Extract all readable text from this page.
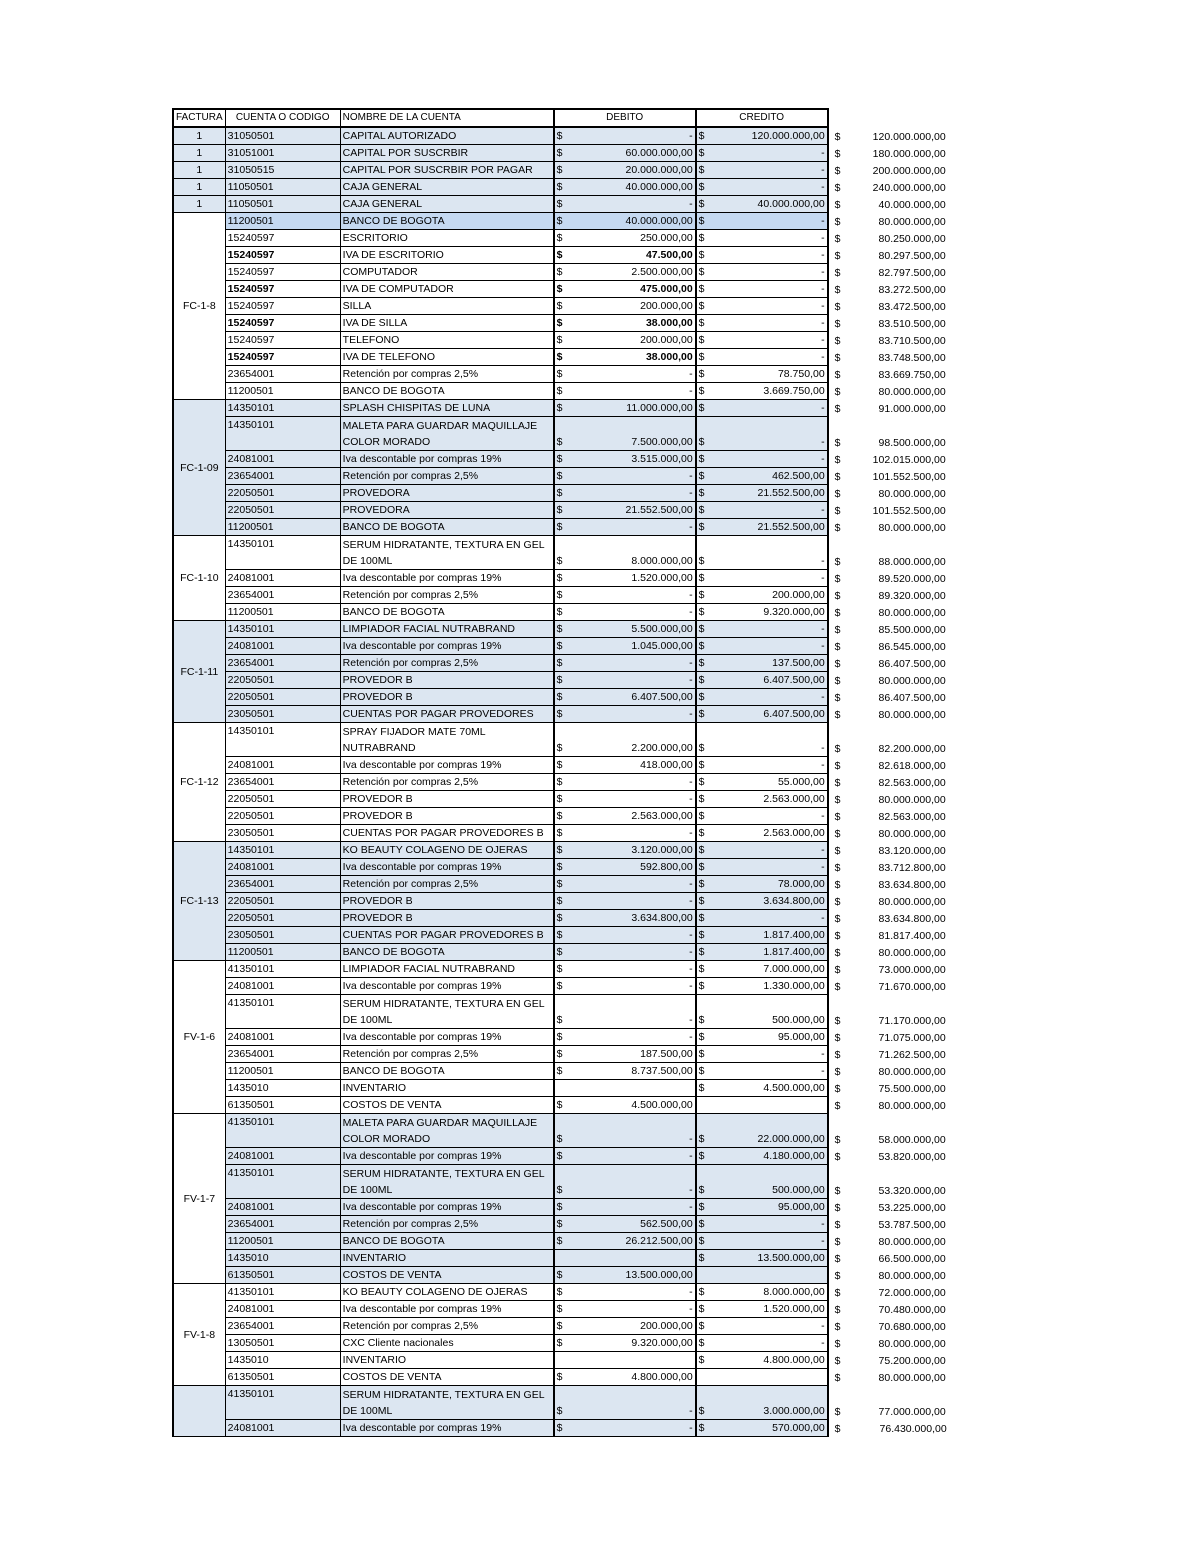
FACTURA	CUENTA O CODIGO	NOMBRE DE LA CUENTA	DEBITO	CREDITO	
1	31050501	CAPITAL AUTORIZADO	$ -	$ 120.000.000,00	$ 120.000.000,00

1	31051001	CAPITAL POR SUSCRBIR	$ 60.000.000,00	$ -	$ 180.000.000,00

1	31050515	CAPITAL POR SUSCRBIR POR PAGAR	$ 20.000.000,00	$ -	$ 200.000.000,00

1	11050501	CAJA GENERAL	$ 40.000.000,00	$ -	$ 240.000.000,00

1	11050501	CAJA GENERAL	$ -	$ 40.000.000,00	$ 40.000.000,00

FC-1-8	11200501	BANCO DE BOGOTA	$ 40.000.000,00	$ -	$ 80.000.000,00

	15240597	ESCRITORIO	$ 250.000,00	$ -	$ 80.250.000,00

	15240597	IVA DE ESCRITORIO	$ 47.500,00	$ -	$ 80.297.500,00

	15240597	COMPUTADOR	$ 2.500.000,00	$ -	$ 82.797.500,00

	15240597	IVA DE COMPUTADOR	$ 475.000,00	$ -	$ 83.272.500,00

	15240597	SILLA	$ 200.000,00	$ -	$ 83.472.500,00

	15240597	IVA DE SILLA	$ 38.000,00	$ -	$ 83.510.500,00

	15240597	TELEFONO	$ 200.000,00	$ -	$ 83.710.500,00

	15240597	IVA DE TELEFONO	$ 38.000,00	$ -	$ 83.748.500,00

	23654001	Retención por compras 2,5%	$ -	$ 78.750,00	$ 83.669.750,00

	11200501	BANCO DE BOGOTA	$ -	$ 3.669.750,00	$ 80.000.000,00

FC-1-09	14350101	SPLASH CHISPITAS DE LUNA	$ 11.000.000,00	$ -	$ 91.000.000,00

	14350101	MALETA PARA GUARDAR MAQUILLAJE COLOR MORADO	$ 7.500.000,00	$ -	$ 98.500.000,00

	24081001	Iva descontable por compras 19%	$ 3.515.000,00	$ -	$ 102.015.000,00

	23654001	Retención por compras 2,5%	$ -	$ 462.500,00	$ 101.552.500,00

	22050501	PROVEDORA	$ -	$ 21.552.500,00	$ 80.000.000,00

	22050501	PROVEDORA	$ 21.552.500,00	$ -	$ 101.552.500,00

	11200501	BANCO DE BOGOTA	$ -	$ 21.552.500,00	$ 80.000.000,00

FC-1-10	14350101	SERUM HIDRATANTE, TEXTURA EN GEL DE 100ML	$ 8.000.000,00	$ -	$ 88.000.000,00

	24081001	Iva descontable por compras 19%	$ 1.520.000,00	$ -	$ 89.520.000,00

	23654001	Retención por compras 2,5%	$ -	$ 200.000,00	$ 89.320.000,00

	11200501	BANCO DE BOGOTA	$ -	$ 9.320.000,00	$ 80.000.000,00

FC-1-11	14350101	LIMPIADOR FACIAL NUTRABRAND	$ 5.500.000,00	$ -	$ 85.500.000,00

	24081001	Iva descontable por compras 19%	$ 1.045.000,00	$ -	$ 86.545.000,00

	23654001	Retención por compras 2,5%	$ -	$ 137.500,00	$ 86.407.500,00

	22050501	PROVEDOR B	$ -	$ 6.407.500,00	$ 80.000.000,00

	22050501	PROVEDOR B	$ 6.407.500,00	$ -	$ 86.407.500,00

	23050501	CUENTAS POR PAGAR PROVEDORES	$ -	$ 6.407.500,00	$ 80.000.000,00

FC-1-12	14350101	SPRAY FIJADOR MATE 70ML NUTRABRAND	$ 2.200.000,00	$ -	$ 82.200.000,00

	24081001	Iva descontable por compras 19%	$ 418.000,00	$ -	$ 82.618.000,00

	23654001	Retención por compras 2,5%	$ -	$ 55.000,00	$ 82.563.000,00

	22050501	PROVEDOR B	$ -	$ 2.563.000,00	$ 80.000.000,00

	22050501	PROVEDOR B	$ 2.563.000,00	$ -	$ 82.563.000,00

	23050501	CUENTAS POR PAGAR PROVEDORES B	$ -	$ 2.563.000,00	$ 80.000.000,00

FC-1-13	14350101	KO BEAUTY COLAGENO DE OJERAS	$ 3.120.000,00	$ -	$ 83.120.000,00

	24081001	Iva descontable por compras 19%	$ 592.800,00	$ -	$ 83.712.800,00

	23654001	Retención por compras 2,5%	$ -	$ 78.000,00	$ 83.634.800,00

	22050501	PROVEDOR B	$ -	$ 3.634.800,00	$ 80.000.000,00

	22050501	PROVEDOR B	$ 3.634.800,00	$ -	$ 83.634.800,00

	23050501	CUENTAS POR PAGAR PROVEDORES B	$ -	$ 1.817.400,00	$ 81.817.400,00

	11200501	BANCO DE BOGOTA	$ -	$ 1.817.400,00	$ 80.000.000,00

FV-1-6	41350101	LIMPIADOR FACIAL NUTRABRAND	$ -	$ 7.000.000,00	$ 73.000.000,00

	24081001	Iva descontable por compras 19%	$ -	$ 1.330.000,00	$ 71.670.000,00

	41350101	SERUM HIDRATANTE, TEXTURA EN GEL DE 100ML	$ -	$ 500.000,00	$ 71.170.000,00

	24081001	Iva descontable por compras 19%	$ -	$ 95.000,00	$ 71.075.000,00

	23654001	Retención por compras 2,5%	$ 187.500,00	$ -	$ 71.262.500,00

	11200501	BANCO DE BOGOTA	$ 8.737.500,00	$ -	$ 80.000.000,00

	1435010	INVENTARIO		$ 4.500.000,00	$ 75.500.000,00

	61350501	COSTOS DE VENTA	$ 4.500.000,00		$ 80.000.000,00

FV-1-7	41350101	MALETA PARA GUARDAR MAQUILLAJE COLOR MORADO	$ -	$ 22.000.000,00	$ 58.000.000,00

	24081001	Iva descontable por compras 19%	$ -	$ 4.180.000,00	$ 53.820.000,00

	41350101	SERUM HIDRATANTE, TEXTURA EN GEL DE 100ML	$ -	$ 500.000,00	$ 53.320.000,00

	24081001	Iva descontable por compras 19%	$ -	$ 95.000,00	$ 53.225.000,00

	23654001	Retención por compras 2,5%	$ 562.500,00	$ -	$ 53.787.500,00

	11200501	BANCO DE BOGOTA	$ 26.212.500,00	$ -	$ 80.000.000,00

	1435010	INVENTARIO		$ 13.500.000,00	$ 66.500.000,00

	61350501	COSTOS DE VENTA	$ 13.500.000,00		$ 80.000.000,00

FV-1-8	41350101	KO BEAUTY COLAGENO DE OJERAS	$ -	$ 8.000.000,00	$ 72.000.000,00

	24081001	Iva descontable por compras 19%	$ -	$ 1.520.000,00	$ 70.480.000,00

	23654001	Retención por compras 2,5%	$ 200.000,00	$ -	$ 70.680.000,00

	13050501	CXC Cliente nacionales	$ 9.320.000,00	$ -	$ 80.000.000,00

	1435010	INVENTARIO		$ 4.800.000,00	$ 75.200.000,00

	61350501	COSTOS DE VENTA	$ 4.800.000,00		$ 80.000.000,00

	41350101	SERUM HIDRATANTE, TEXTURA EN GEL DE 100ML	$ -	$ 3.000.000,00	$ 77.000.000,00

	24081001	Iva descontable por compras 19%	$ -	$ 570.000,00	$ 76.430.000,00
